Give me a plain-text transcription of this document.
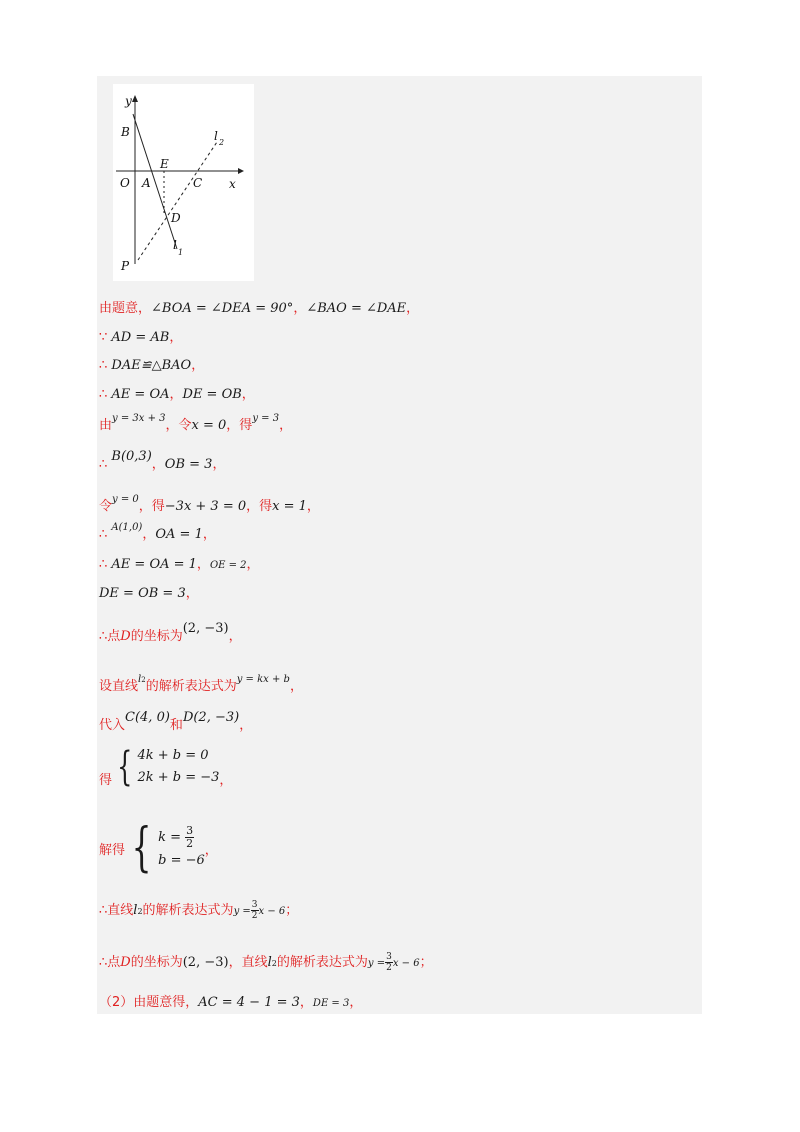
y
x
B
E
O A	C
D
P
l 2
l
1
由题意，∠BOA = ∠DEA = 90°，∠BAO = ∠DAE，
∵ AD = AB，
∴ DAE≌△BAO，
∴ AE = OA，DE = OB，
由$^{y = 3x + 3}$，令x = 0，得$^{y = 3}$，
∴ B(0,3)，OB = 3，
令$^{y = 0}$，得−3x + 3 = 0，得x = 1，
∴ $^{A(1,0)}$，OA = 1，
∴ AE = OA = 1，OE = 2，
DE = OB = 3，
∴点D的坐标为(2, −3)，
设直线l2的解析表达式为$^{y = kx + b}$，
代入C(4, 0)和D(2, −3)，
得 { 4k + b = 0
2k + b = −3 ，
解得 { $k = \frac{3}{2}$
b = −6
，
∴直线l2的解析表达式为$y = \frac{3}{2}$ x − 6；
∴点D的坐标为(2, −3)，直线l2的解析表达式为$y = \frac{3}{2}$ x − 6；
（2）由题意得，AC = 4 − 1 = 3，DE = 3，
